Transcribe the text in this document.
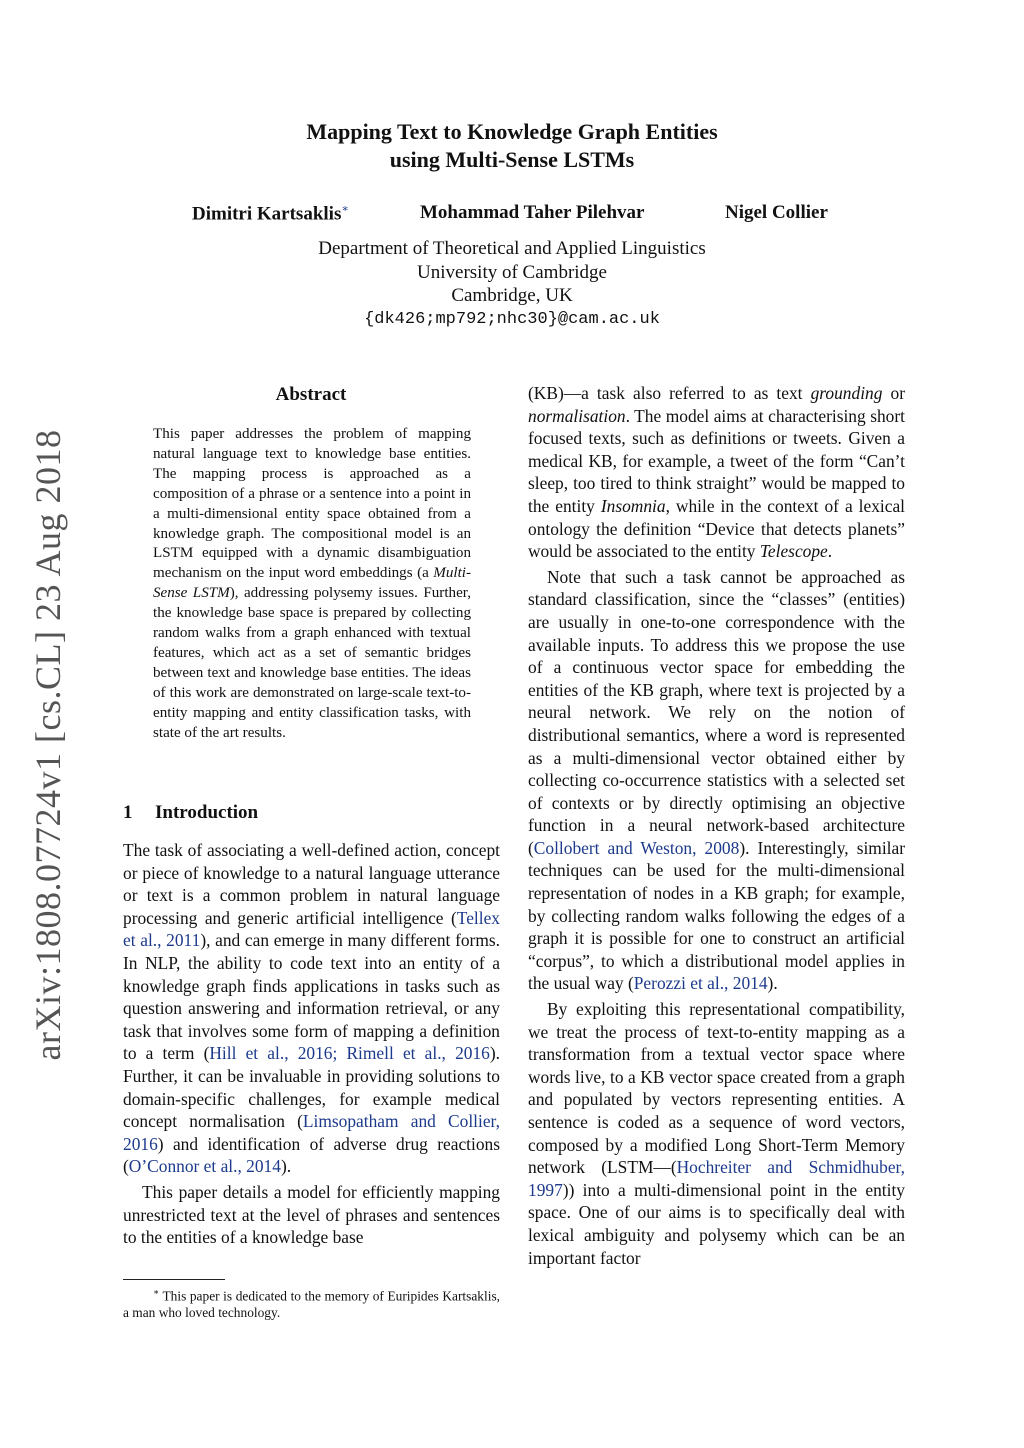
arXiv:1808.07724v1 [cs.CL] 23 Aug 2018
Mapping Text to Knowledge Graph Entities
using Multi-Sense LSTMs
Dimitri Kartsaklis∗	Mohammad Taher Pilehvar	Nigel Collier
Department of Theoretical and Applied Linguistics
University of Cambridge
Cambridge, UK
{dk426;mp792;nhc30}@cam.ac.uk
Abstract
This paper addresses the problem of mapping natural language text to knowledge base entities. The mapping process is approached as a composition of a phrase or a sentence into a point in a multi-dimensional entity space obtained from a knowledge graph. The compositional model is an LSTM equipped with a dynamic disambiguation mechanism on the input word embeddings (a Multi-Sense LSTM), addressing polysemy issues. Further, the knowledge base space is prepared by collecting random walks from a graph enhanced with textual features, which act as a set of semantic bridges between text and knowledge base entities. The ideas of this work are demonstrated on large-scale text-to-entity mapping and entity classification tasks, with state of the art results.
1 Introduction

The task of associating a well-defined action, concept or piece of knowledge to a natural language utterance or text is a common problem in natural language processing and generic artificial intelligence (Tellex et al., 2011), and can emerge in many different forms. In NLP, the ability to code text into an entity of a knowledge graph finds applications in tasks such as question answering and information retrieval, or any task that involves some form of mapping a definition to a term (Hill et al., 2016; Rimell et al., 2016). Further, it can be invaluable in providing solutions to domain-specific challenges, for example medical concept normalisation (Limsopatham and Collier, 2016) and identification of adverse drug reactions (O’Connor et al., 2014).

This paper details a model for efficiently mapping unrestricted text at the level of phrases and sentences to the entities of a knowledge base

∗ This paper is dedicated to the memory of Euripides Kartsaklis, a man who loved technology.

(KB)—a task also referred to as text grounding or normalisation. The model aims at characterising short focused texts, such as definitions or tweets. Given a medical KB, for example, a tweet of the form “Can’t sleep, too tired to think straight” would be mapped to the entity Insomnia, while in the context of a lexical ontology the definition “Device that detects planets” would be associated to the entity Telescope.

Note that such a task cannot be approached as standard classification, since the “classes” (entities) are usually in one-to-one correspondence with the available inputs. To address this we propose the use of a continuous vector space for embedding the entities of the KB graph, where text is projected by a neural network. We rely on the notion of distributional semantics, where a word is represented as a multi-dimensional vector obtained either by collecting co-occurrence statistics with a selected set of contexts or by directly optimising an objective function in a neural network-based architecture (Collobert and Weston, 2008). Interestingly, similar techniques can be used for the multi-dimensional representation of nodes in a KB graph; for example, by collecting random walks following the edges of a graph it is possible for one to construct an artificial “corpus”, to which a distributional model applies in the usual way (Perozzi et al., 2014).

By exploiting this representational compatibility, we treat the process of text-to-entity mapping as a transformation from a textual vector space where words live, to a KB vector space created from a graph and populated by vectors representing entities. A sentence is coded as a sequence of word vectors, composed by a modified Long Short-Term Memory network (LSTM—(Hochreiter and Schmidhuber, 1997)) into a multi-dimensional point in the entity space. One of our aims is to specifically deal with lexical ambiguity and polysemy which can be an important factor
